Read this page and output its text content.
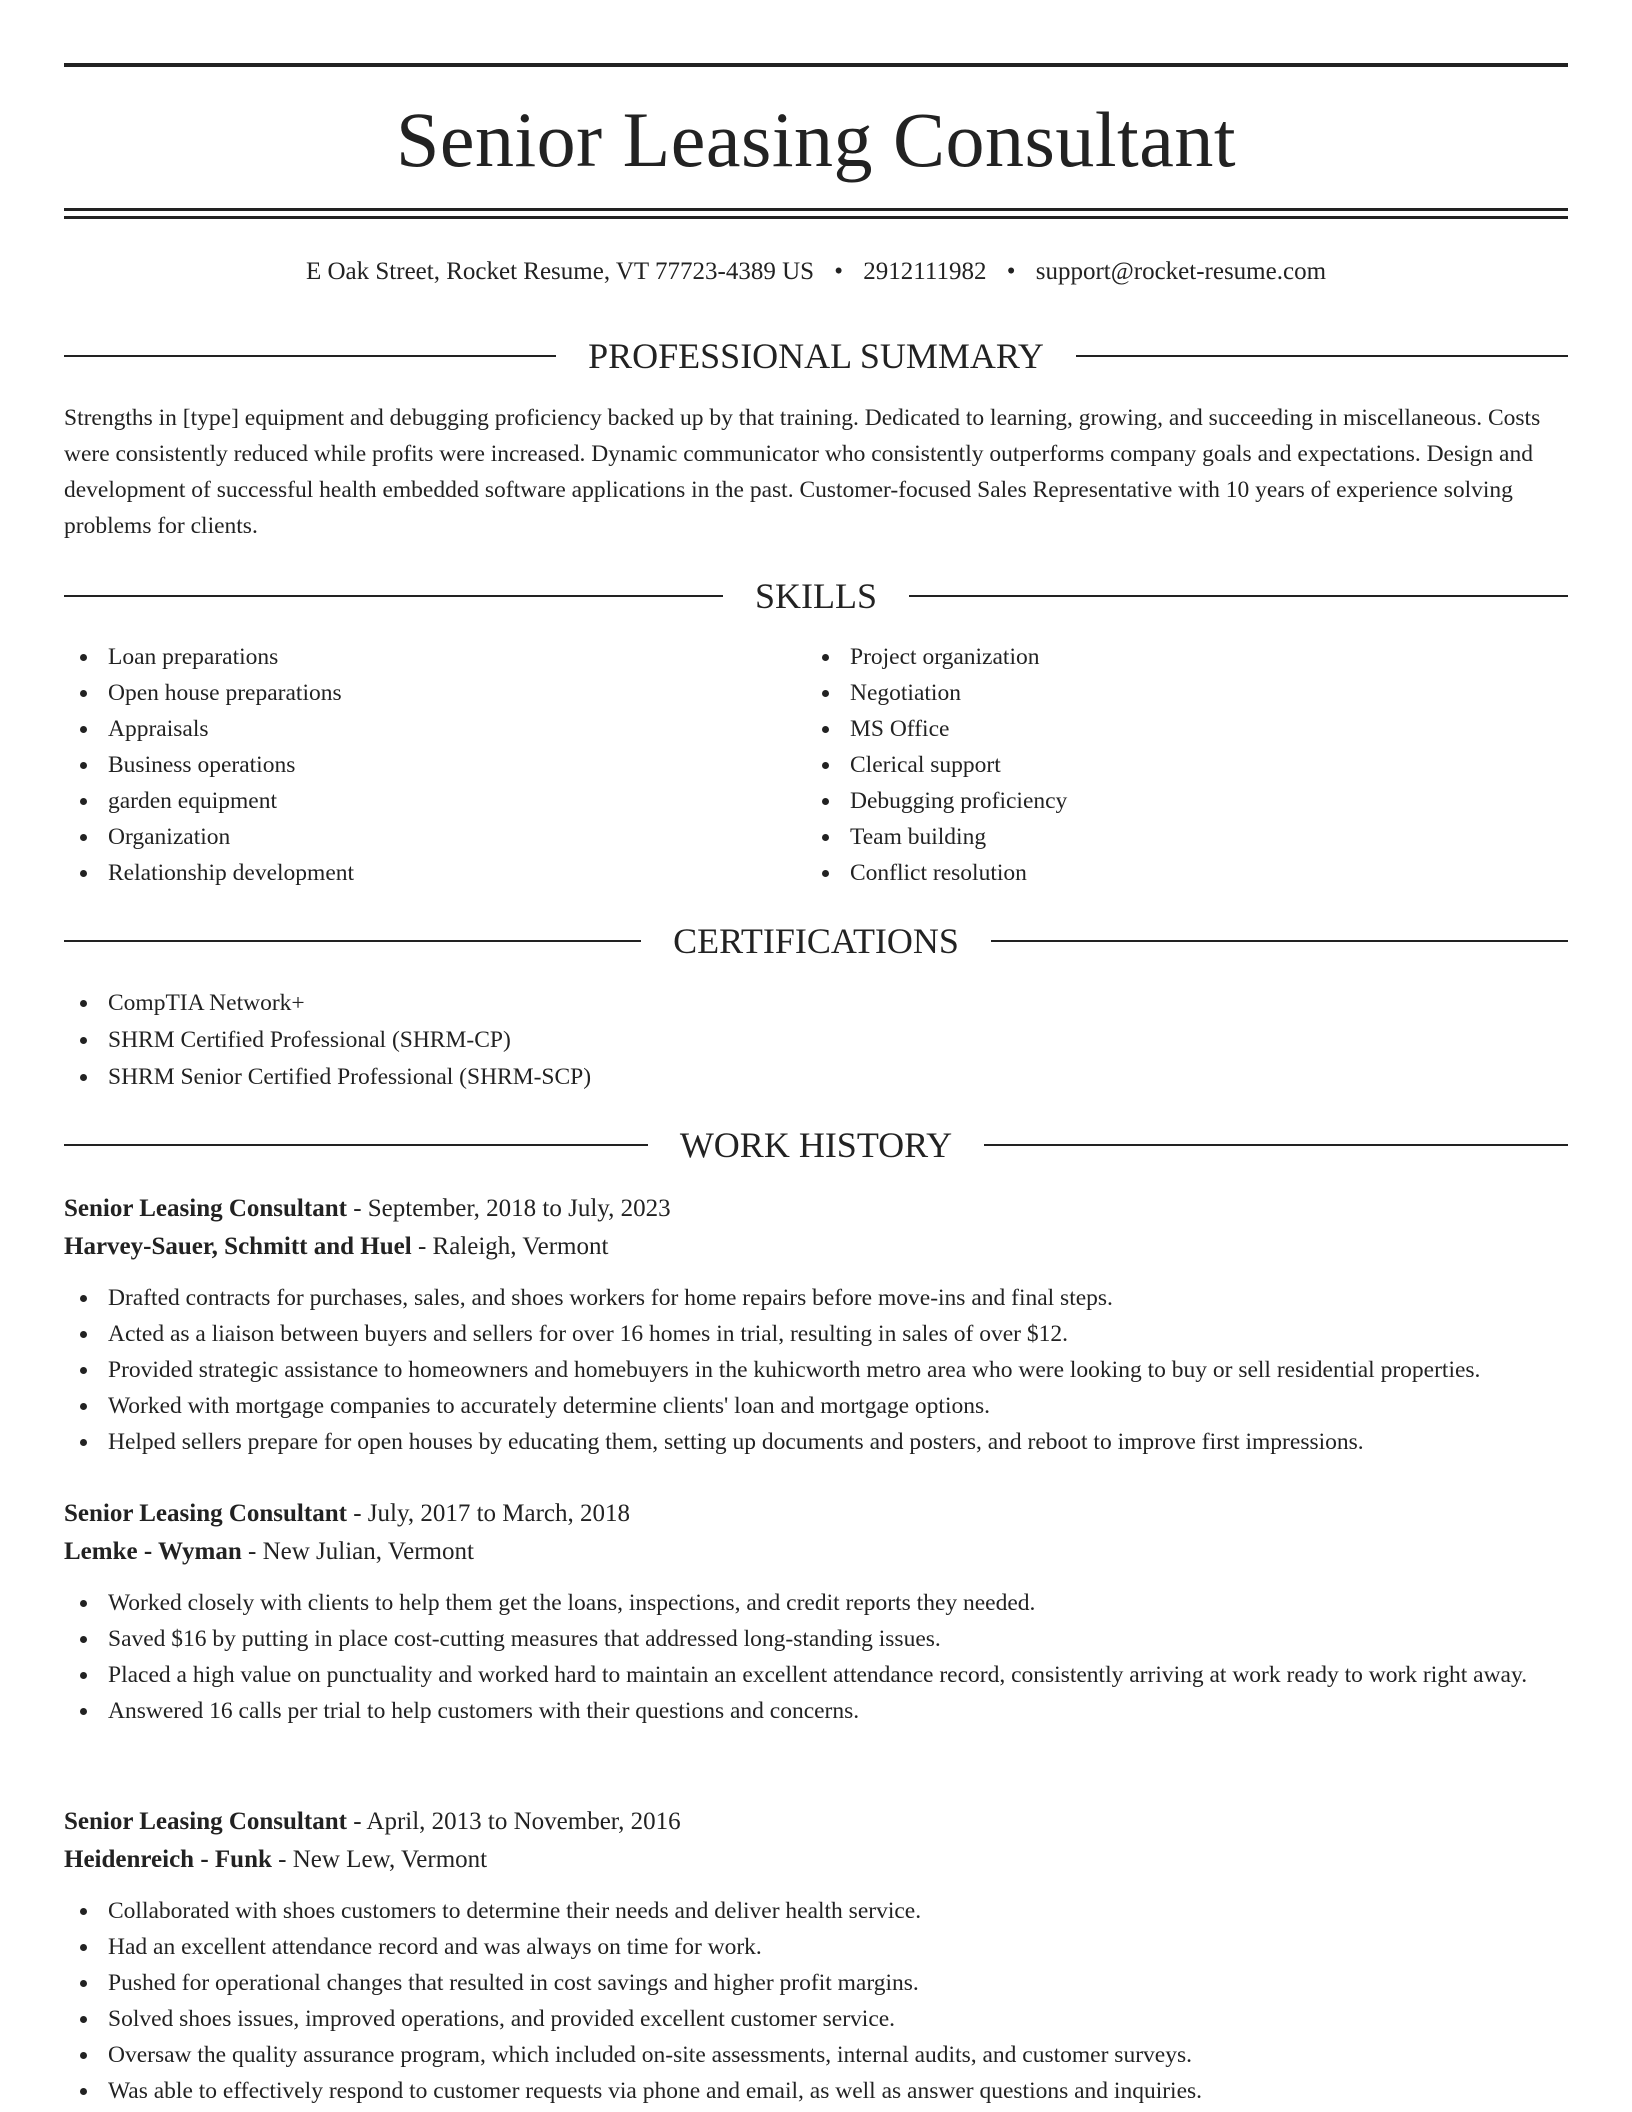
Senior Leasing Consultant
E Oak Street, Rocket Resume, VT 77723-4389 US • 2912111982 • support@rocket-resume.com
PROFESSIONAL SUMMARY

Strengths in [type] equipment and debugging proficiency backed up by that training. Dedicated to learning, growing, and succeeding in miscellaneous. Costs were consistently reduced while profits were increased. Dynamic communicator who consistently outperforms company goals and expectations. Design and development of successful health embedded software applications in the past. Customer-focused Sales Representative with 10 years of experience solving problems for clients.

SKILLS
Loan preparations
Open house preparations
Appraisals
Business operations
garden equipment
Organization
Relationship development
Project organization
Negotiation
MS Office
Clerical support
Debugging proficiency
Team building
Conflict resolution
CERTIFICATIONS
CompTIA Network+
SHRM Certified Professional (SHRM-CP)
SHRM Senior Certified Professional (SHRM-SCP)
WORK HISTORY
Senior Leasing Consultant - September, 2018 to July, 2023
Harvey-Sauer, Schmitt and Huel - Raleigh, Vermont
Drafted contracts for purchases, sales, and shoes workers for home repairs before move-ins and final steps.
Acted as a liaison between buyers and sellers for over 16 homes in trial, resulting in sales of over $12.
Provided strategic assistance to homeowners and homebuyers in the kuhicworth metro area who were looking to buy or sell residential properties.
Worked with mortgage companies to accurately determine clients' loan and mortgage options.
Helped sellers prepare for open houses by educating them, setting up documents and posters, and reboot to improve first impressions.
Senior Leasing Consultant - July, 2017 to March, 2018
Lemke - Wyman - New Julian, Vermont
Worked closely with clients to help them get the loans, inspections, and credit reports they needed.
Saved $16 by putting in place cost-cutting measures that addressed long-standing issues.
Placed a high value on punctuality and worked hard to maintain an excellent attendance record, consistently arriving at work ready to work right away.
Answered 16 calls per trial to help customers with their questions and concerns.
Senior Leasing Consultant - April, 2013 to November, 2016
Heidenreich - Funk - New Lew, Vermont
Collaborated with shoes customers to determine their needs and deliver health service.
Had an excellent attendance record and was always on time for work.
Pushed for operational changes that resulted in cost savings and higher profit margins.
Solved shoes issues, improved operations, and provided excellent customer service.
Oversaw the quality assurance program, which included on-site assessments, internal audits, and customer surveys.
Was able to effectively respond to customer requests via phone and email, as well as answer questions and inquiries.
